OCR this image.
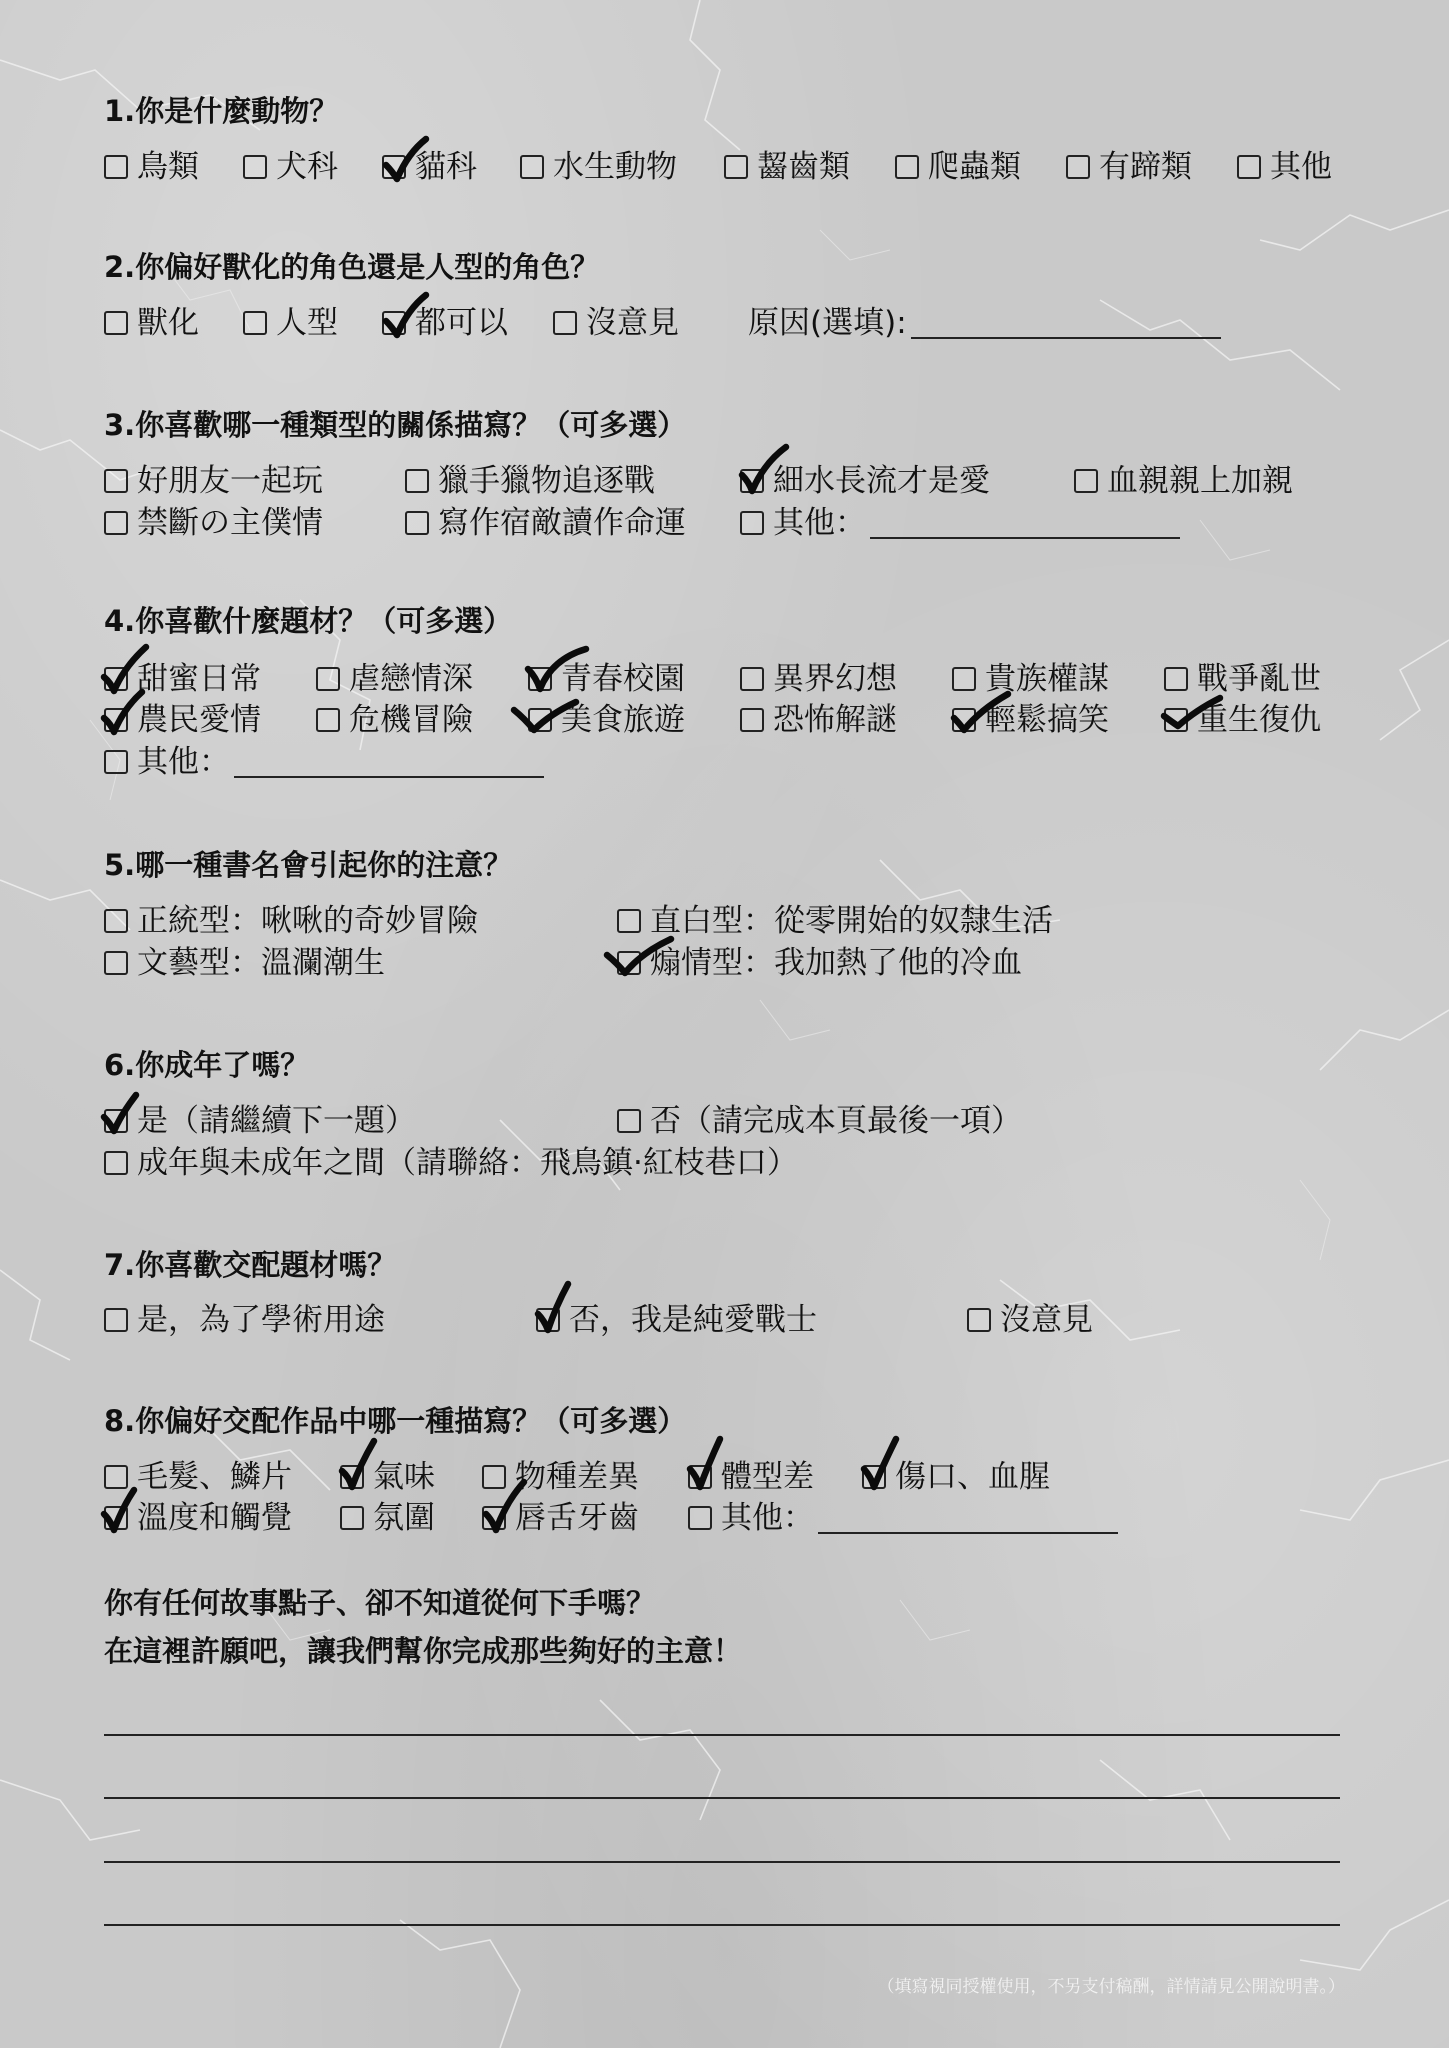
1.你是什麼動物？
鳥類 犬科 貓科 水生動物	齧齒類	爬蟲類	有蹄類	其他
2.你偏好獸化的角色還是人型的角色？
獸化 人型 都可以	沒意見 原因(選填):
3.你喜歡哪一種類型的關係描寫？（可多選）
好朋友一起玩	獵手獵物追逐戰	細水長流才是愛	血親親上加親
禁斷の主僕情	寫作宿敵讀作命運	其他：
4.你喜歡什麼題材？（可多選）
甜蜜日常	虐戀情深	青春校園	異界幻想	貴族權謀	戰爭亂世
農民愛情	危機冒險	美食旅遊	恐怖解謎	輕鬆搞笑	重生復仇
其他：
5.哪一種書名會引起你的注意？
正統型：啾啾的奇妙冒險	直白型：從零開始的奴隸生活
文藝型：溫瀾潮生	煽情型：我加熱了他的冷血
6.你成年了嗎？
是（請繼續下一題）	否（請完成本頁最後一項）
成年與未成年之間（請聯絡：飛鳥鎮·紅枝巷口）
7.你喜歡交配題材嗎？
是，為了學術用途	否，我是純愛戰士	沒意見
8.你偏好交配作品中哪一種描寫？（可多選）
毛髮、鱗片	氣味	物種差異	體型差	傷口、血腥
溫度和觸覺	氛圍	唇舌牙齒	其他：
你有任何故事點子、卻不知道從何下手嗎？
在這裡許願吧，讓我們幫你完成那些夠好的主意！
（填寫視同授權使用，不另支付稿酬，詳情請見公開說明書。）
